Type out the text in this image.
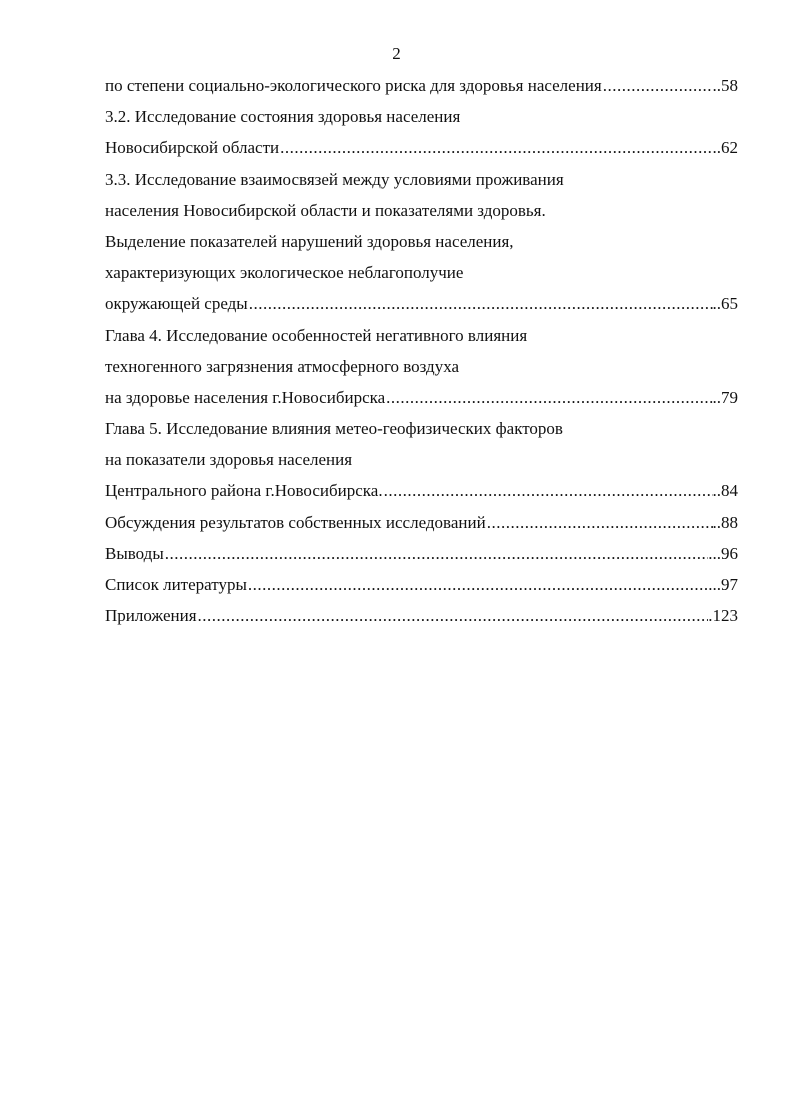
2
по степени социально-экологического риска для здоровья населения .....	..58
3.2. Исследование состояния здоровья населения
Новосибирской области .....	..62
3.3. Исследование взаимосвязей между условиями проживания
населения Новосибирской области и показателями здоровья.
Выделение показателей нарушений здоровья населения,
характеризующих экологическое неблагополучие
окружающей среды .....	..65
Глава 4. Исследование особенностей негативного влияния
техногенного загрязнения атмосферного воздуха
на здоровье населения г.Новосибирска .....	..79
Глава 5. Исследование влияния метео-геофизических факторов
на показатели здоровья населения
Центрального района г.Новосибирска. .....	..84
Обсуждения результатов собственных исследований .....	..88
Выводы .....	...96
Список литературы .....	...97
Приложения .....	.123
